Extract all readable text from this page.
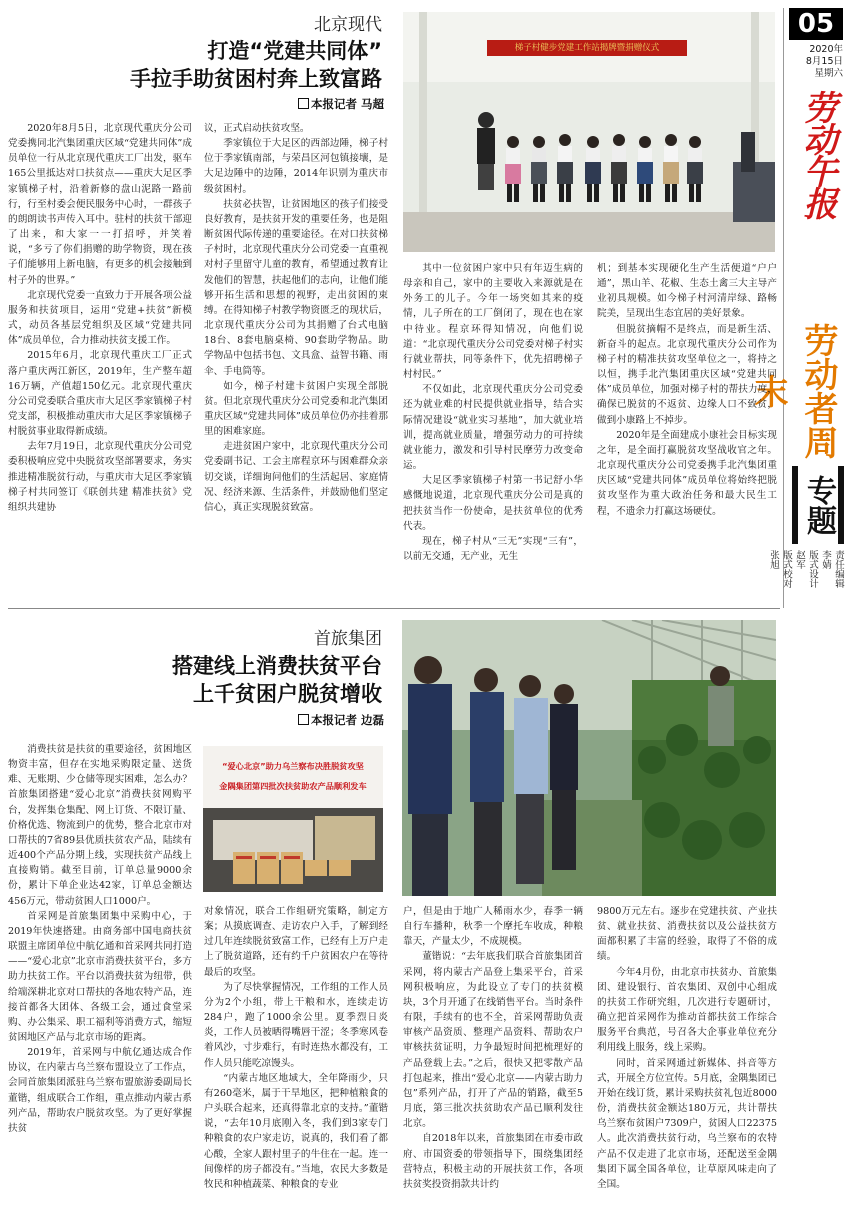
05
2020年
8月15日
星期六
劳动午报
劳动者周末
专题
责任编辑
李婧
版式设计
赵军
版式校对
张旭
北京现代
打造“党建共同体”
手拉手助贫困村奔上致富路
本报记者 马超
梯子村健步党建工作站揭牌暨捐赠仪式

2020年8月5日，北京现代重庆分公司党委携同北汽集团重庆区域“党建共同体”成员单位一行从北京现代重庆工厂出发，驱车165公里抵达对口扶贫点——重庆大足区季家镇梯子村，沿着新修的盘山泥路一路前行，行至村委会便民服务中心时，一群孩子的朗朗读书声传入耳中。驻村的扶贫干部迎了出来，和大家一一打招呼，并笑着说，“多亏了你们捐赠的助学物资，现在孩子们能够用上新电脑，有更多的机会接触到村子外的世界。”

北京现代党委一直致力于开展各项公益服务和扶贫项目，运用“党建+扶贫”新模式，动员各基层党组织及区域“党建共同体”成员单位，合力推动扶贫支援工作。

2015年6月，北京现代重庆工厂正式落户重庆两江新区，2019年，生产整车超16万辆，产值超150亿元。北京现代重庆分公司党委联合重庆市大足区季家镇梯子村党支部，积极推动重庆市大足区季家镇梯子村脱贫事业取得新成绩。

去年7月19日，北京现代重庆分公司党委积极响应党中央脱贫攻坚部署要求，务实推进精准脱贫行动，与重庆市大足区季家镇梯子村共同签订《联创共建 精准扶贫》党组织共建协

议，正式启动扶贫攻坚。

季家镇位于大足区的西部边陲，梯子村位于季家镇南部，与荣昌区河包镇接壤，是大足边陲中的边陲，2014年识别为重庆市级贫困村。

扶贫必扶智，让贫困地区的孩子们接受良好教育，是扶贫开发的重要任务，也是阻断贫困代际传递的重要途径。在对口扶贫梯子村时，北京现代重庆分公司党委一直重视对村子里留守儿童的教育，希望通过教育让发他们的智慧，扶起他们的志向，让他们能够开拓生活和思想的视野，走出贫困的束缚。在得知梯子村教学物资匮乏的现状后，北京现代重庆分公司为其捐赠了台式电脑18台、8套电脑桌椅、90套助学物品。助学物品中包括书包、文具盒、益智书籍、雨伞、手电筒等。

如今，梯子村建卡贫困户实现全部脱贫。但北京现代重庆分公司党委和北汽集团重庆区域“党建共同体”成员单位仍亦挂着那里的困难家庭。

走进贫困户家中，北京现代重庆分公司党委副书记、工会主席程京环与困难群众亲切交谈，详细询问他们的生活起居、家庭情况、经济来源、生活条件，并鼓励他们坚定信心，真正实现脱贫致富。

其中一位贫困户家中只有年迈生病的母亲和自己，家中的主要收入来源就是在外务工的儿子。今年一场突如其来的疫情，儿子所在的工厂倒闭了，现在也在家中待业。程京环得知情况，向他们说道：“北京现代重庆分公司党委对梯子村实行就业帮扶，同等条件下，优先招聘梯子村村民。”

不仅如此，北京现代重庆分公司党委还为就业难的村民提供就业指导，结合实际情况建设“就业实习基地”，加大就业培训，提高就业质量，增强劳动力的可持续就业能力，激发和引导村民摩劳力改变命运。

大足区季家镇梯子村第一书记舒小华感慨地说道，北京现代重庆分公司是真的把扶贫当作一份使命，是扶贫单位的优秀代表。

现在，梯子村从“三无”实现“三有”，以前无交通，无产业，无生

机；到基本实现硬化生产生活便道“户户通”，黑山羊、花椒、生态土禽三大主导产业初具规模。如今梯子村河清岸绿、路畅院美，呈现出生态宜居的美好景象。

但脱贫摘帽不是终点，而是新生活、新奋斗的起点。北京现代重庆分公司作为梯子村的精准扶贫攻坚单位之一，将持之以恒，携手北汽集团重庆区域“党建共同体”成员单位，加强对梯子村的帮扶力度，确保已脱贫的不返贫、边缘人口不致贫，做到小康路上不掉步。

2020年是全面建成小康社会目标实现之年，是全面打赢脱贫攻坚战收官之年。北京现代重庆分公司党委携手北汽集团重庆区域“党建共同体”成员单位将始终把脱贫攻坚作为重大政治任务和最大民生工程，不遗余力打赢这场硬仗。

首旅集团
搭建线上消费扶贫平台
上千贫困户脱贫增收
本报记者 边磊
“爱心北京”助力乌兰察布决胜脱贫攻坚
金隅集团第四批次扶贫助农产品顺利发车

消费扶贫是扶贫的重要途径，贫困地区物资丰富，但存在实地采购限定量、送货难、无账期、少仓储等现实困难，怎么办？首旅集团搭建“爱心北京”消费扶贫网购平台，发挥集仓集配、网上订货、不限订量、价格优选、物流到户的优势，整合北京市对口帮扶的7省89县优质扶贫农产品，陆续有近400个产品分期上线，实现扶贫产品线上直接购销。截至目前，订单总量9000余份，累计下单企业达42家，订单总金额达456万元，带动贫困人口1000户。

首采网是首旅集团集中采购中心，于2019年快速搭建。由商务部中国电商扶贫联盟主席团单位中航亿通和首采网共同打造——“爱心北京”北京市消费扶贫平台，多方助力扶贫工作。平台以消费扶贫为纽带，供给端深耕北京对口帮扶的各地农特产品，连接首都各大团体、各级工会，通过食堂采购、办公集采、职工福利等消费方式，缩短贫困地区产品与北京市场的距离。

2019年，首采网与中航亿通达成合作协议，在内蒙古乌兰察布盟设立了工作点，会同首旅集团派驻乌兰察布盟旅游委副局长董锴，组成联合工作组，重点推动内蒙古系列产品，帮助农户脱贫攻坚。为了更好掌握扶贫

对象情况，联合工作组研究策略，制定方案；从摸底调查、走访农户入手，了解到经过几年连续脱贫致富工作，已经有上万户走上了脱贫道路，还有约千户贫困农户在等待最后的攻坚。

为了尽快掌握情况，工作组的工作人员分为2个小组，带上干粮和水，连续走访284户，跑了1000余公里。夏季烈日炎炎，工作人员被晒得嘴唇干涩；冬季寒风卷着风沙，寸步难行，有时连热水都没有，工作人员只能吃凉馒头。

“内蒙古地区地域大，全年降雨少，只有260毫米，属于干旱地区，把种植粮食的户头联合起来，还真得靠北京的支持。”董锴说，“去年10月底刚入冬，我们到3家专门种粮食的农户家走访，说真的，我们看了都心酸，全家人跟村里子的牛住在一起。连一间像样的房子都没有。”当地，农民大多数是牧民和种植蔬菜、种粮食的专业

户，但是由于地广人稀雨水少，春季一辆自行车播种，秋季一个摩托车收成，种粮靠天，产量太少，不成规模。

董锴说：“去年底我们联合首旅集团首采网，将内蒙古产品登上集采平台，首采网积极响应，为此设立了专门的扶贫模块，3个月开通了在线销售平台。当时条件有限，手续有的也不全，首采网帮助负责审核产品资质、整理产品资料、帮助农户审核扶贫证明，力争最短时间把梳理好的产品登载上去。”之后，很快又把零散产品打包起来，推出“爱心北京——内蒙古助力包”系列产品，打开了产品的销路，截至5月底，第三批次扶贫助农产品已顺利发往北京。

自2018年以来，首旅集团在市委市政府、市国资委的带领指导下，围绕集团经营特点，积极主动的开展扶贫工作，各项扶贫奖投资捐款共计约

9800万元左右。逐步在党建扶贫、产业扶贫、就业扶贫、消费扶贫以及公益扶贫方面都积累了丰富的经验，取得了不俗的成绩。

今年4月份，由北京市扶贫办、首旅集团、建设银行、首农集团、双创中心组成的扶贫工作研究组，几次进行专题研讨，确立把首采网作为推动首都扶贫工作综合服务平台典范，号召各大企事业单位充分利用线上服务，线上采购。

同时，首采网通过新媒体、抖音等方式，开展全方位宣传。5月底，金隅集团已开始在线订货，累计采购扶贫礼包近8000份，消费扶贫金额达180万元，共计帮扶乌兰察布贫困户7309户，贫困人口22375人。此次消费扶贫行动，乌兰察布的农特产品不仅走进了北京市场，还配送至金隅集团下属全国各单位，让草原风味走向了全国。
